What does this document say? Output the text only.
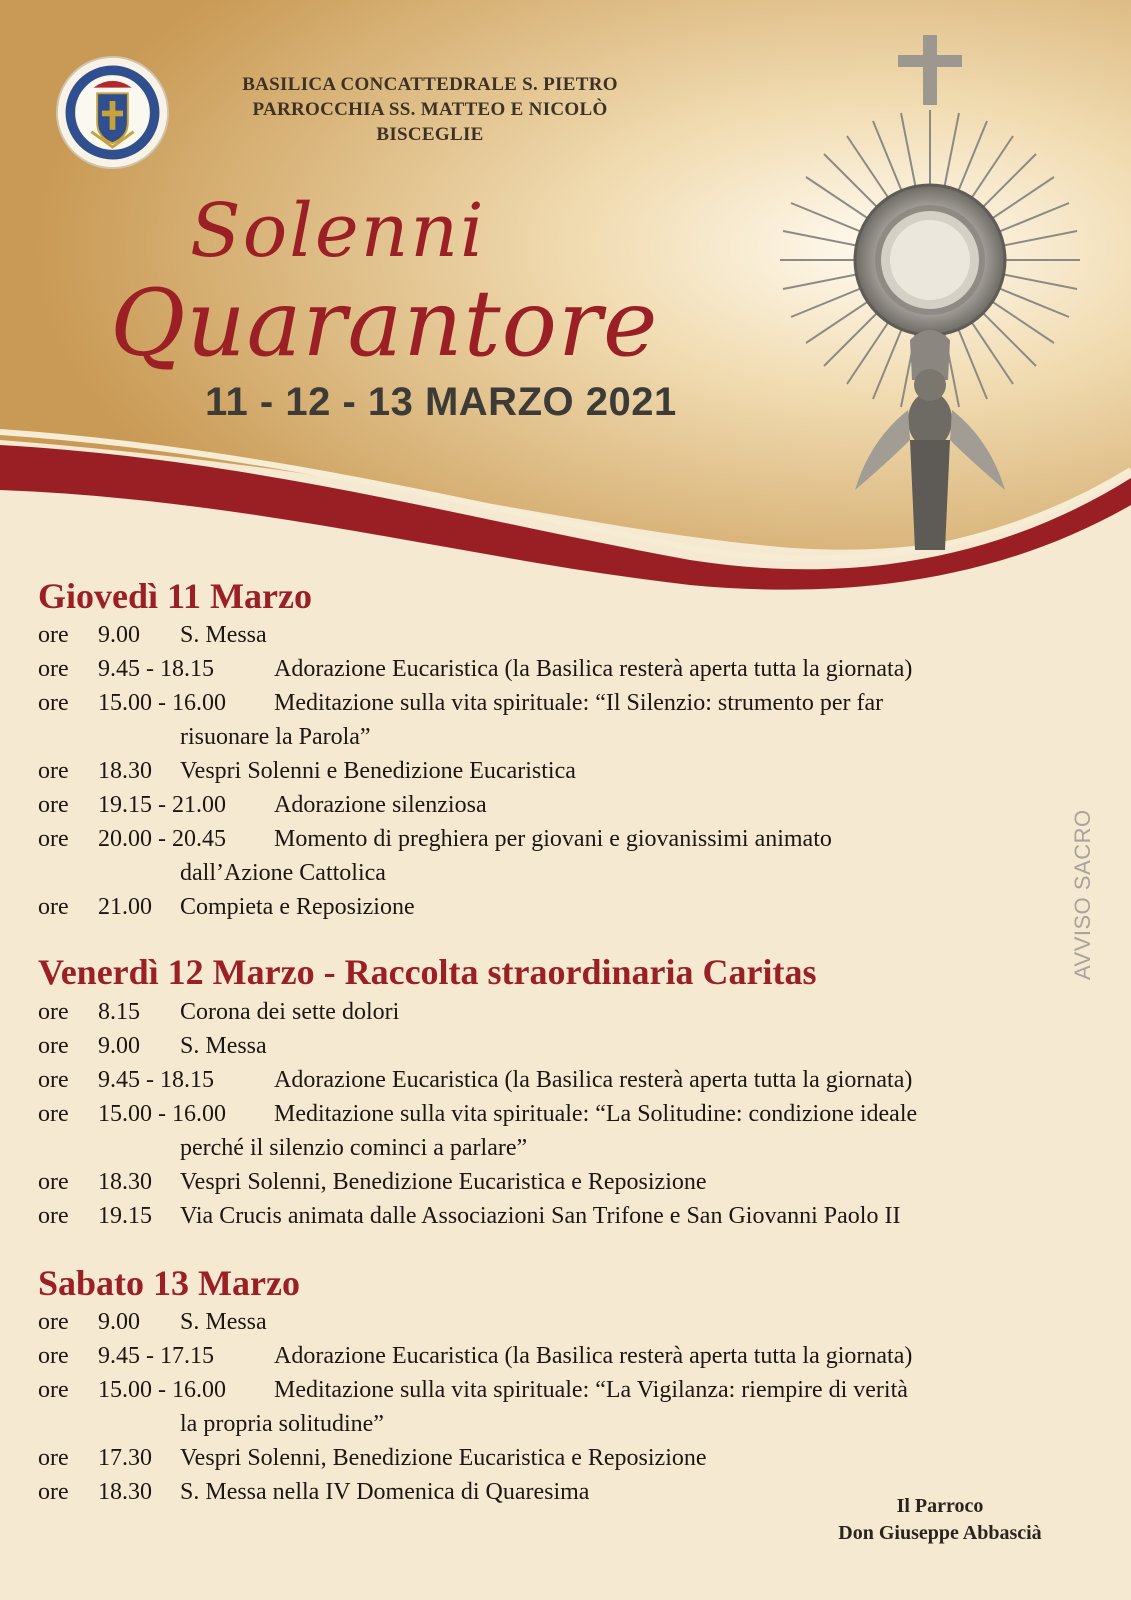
BASILICA CONCATTEDRALE S. PIETRO
PARROCCHIA SS. MATTEO E NICOLÒ
BISCEGLIE
Solenni
Quarantore
11 - 12 - 13 MARZO 2021
Giovedì 11 Marzo
ore 9.00 S. Messa
ore 9.45 - 18.15	Adorazione Eucaristica (la Basilica resterà aperta tutta la giornata)
ore 15.00 - 16.00 Meditazione sulla vita spirituale: “Il Silenzio: strumento per far
risuonare la Parola”
ore 18.30 Vespri Solenni e Benedizione Eucaristica
ore 19.15 - 21.00 Adorazione silenziosa
ore 20.00 - 20.45 Momento di preghiera per giovani e giovanissimi animato
dall’Azione Cattolica
ore 21.00 Compieta e Reposizione
Venerdì 12 Marzo - Raccolta straordinaria Caritas
ore 8.15 Corona dei sette dolori
ore 9.00 S. Messa
ore 9.45 - 18.15	Adorazione Eucaristica (la Basilica resterà aperta tutta la giornata)
ore 15.00 - 16.00 Meditazione sulla vita spirituale: “La Solitudine: condizione ideale
perché il silenzio cominci a parlare”
ore 18.30 Vespri Solenni, Benedizione Eucaristica e Reposizione
ore 19.15 Via Crucis animata dalle Associazioni San Trifone e San Giovanni Paolo II
Sabato 13 Marzo
ore 9.00 S. Messa
ore 9.45 - 17.15	Adorazione Eucaristica (la Basilica resterà aperta tutta la giornata)
ore 15.00 - 16.00 Meditazione sulla vita spirituale: “La Vigilanza: riempire di verità
la propria solitudine”
ore 17.30 Vespri Solenni, Benedizione Eucaristica e Reposizione
ore 18.30 S. Messa nella IV Domenica di Quaresima
AVVISO SACRO
Il Parroco
Don Giuseppe Abbascià
